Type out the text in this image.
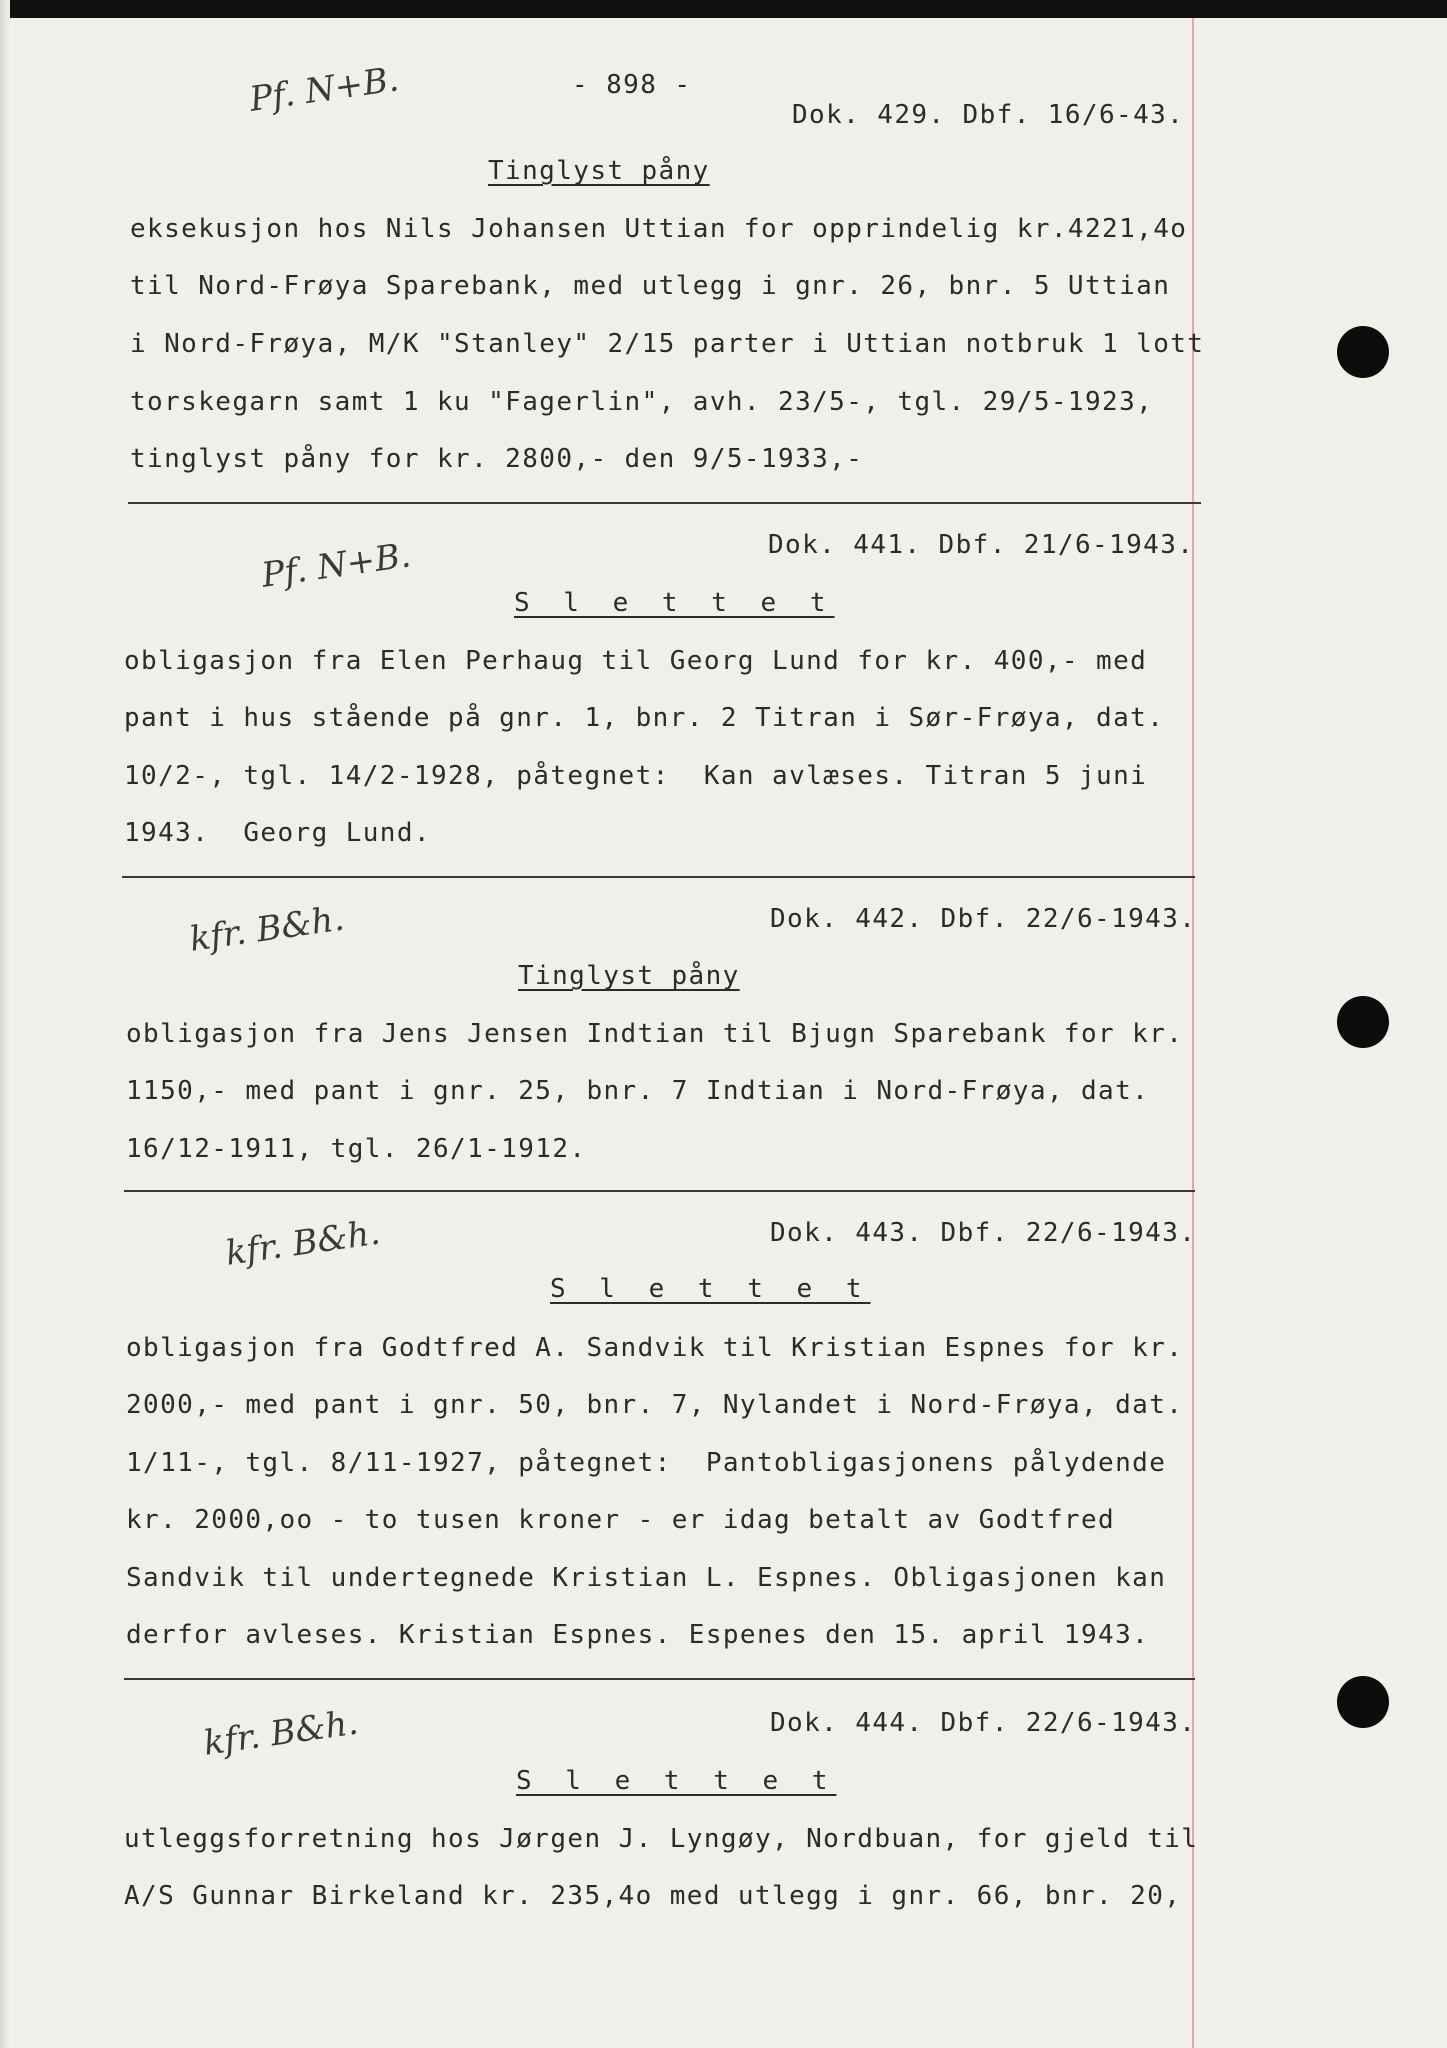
- 898 -
Pf. N+B.	Dok. 429. Dbf. 16/6-43.
Tinglyst påny
eksekusjon hos Nils Johansen Uttian for opprindelig kr.4221,4o
til Nord-Frøya Sparebank, med utlegg i gnr. 26, bnr. 5 Uttian
i Nord-Frøya, M/K "Stanley" 2/15 parter i Uttian notbruk 1 lott
torskegarn samt 1 ku "Fagerlin", avh. 23/5-, tgl. 29/5-1923,
tinglyst påny for kr. 2800,- den 9/5-1933,-
Pf. N+B.	Dok. 441. Dbf. 21/6-1943.
S l e t t e t
obligasjon fra Elen Perhaug til Georg Lund for kr. 400,- med
pant i hus stående på gnr. 1, bnr. 2 Titran i Sør-Frøya, dat.
10/2-, tgl. 14/2-1928, påtegnet:  Kan avlæses. Titran 5 juni
1943.  Georg Lund.
kfr. B&h.	Dok. 442. Dbf. 22/6-1943.
Tinglyst påny
obligasjon fra Jens Jensen Indtian til Bjugn Sparebank for kr.
1150,- med pant i gnr. 25, bnr. 7 Indtian i Nord-Frøya, dat.
16/12-1911, tgl. 26/1-1912.
kfr. B&h.	Dok. 443. Dbf. 22/6-1943.
S l e t t e t
obligasjon fra Godtfred A. Sandvik til Kristian Espnes for kr.
2000,- med pant i gnr. 50, bnr. 7, Nylandet i Nord-Frøya, dat.
1/11-, tgl. 8/11-1927, påtegnet:  Pantobligasjonens pålydende
kr. 2000,oo - to tusen kroner - er idag betalt av Godtfred
Sandvik til undertegnede Kristian L. Espnes. Obligasjonen kan
derfor avleses. Kristian Espnes. Espenes den 15. april 1943.
kfr. B&h.	Dok. 444. Dbf. 22/6-1943.
S l e t t e t
utleggsforretning hos Jørgen J. Lyngøy, Nordbuan, for gjeld til
A/S Gunnar Birkeland kr. 235,4o med utlegg i gnr. 66, bnr. 20,
